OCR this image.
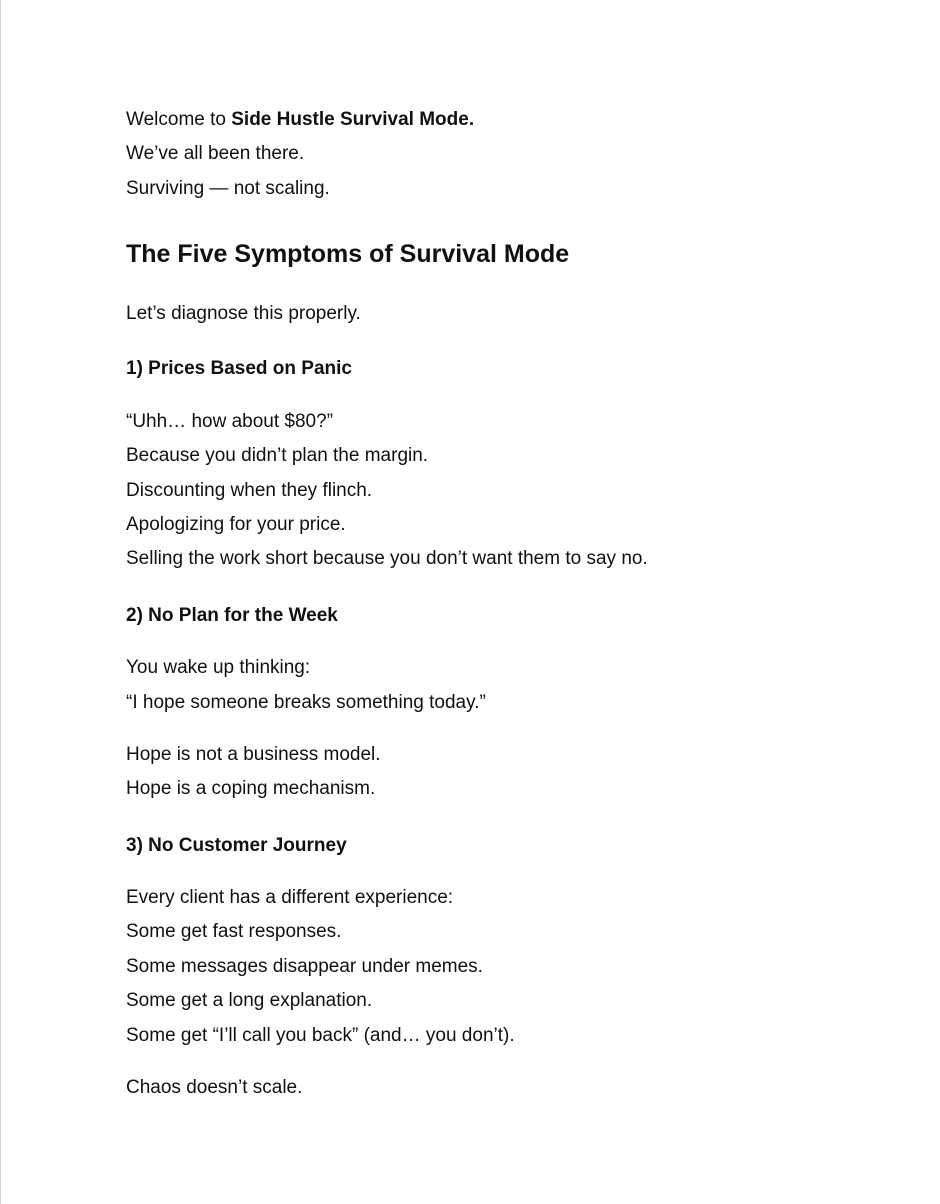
Welcome to Side Hustle Survival Mode.
We’ve all been there.
Surviving — not scaling.
The Five Symptoms of Survival Mode
Let’s diagnose this properly.
1) Prices Based on Panic
“Uhh… how about $80?”
Because you didn’t plan the margin.
Discounting when they flinch.
Apologizing for your price.
Selling the work short because you don’t want them to say no.
2) No Plan for the Week
You wake up thinking:
“I hope someone breaks something today.”
Hope is not a business model.
Hope is a coping mechanism.
3) No Customer Journey
Every client has a different experience:
Some get fast responses.
Some messages disappear under memes.
Some get a long explanation.
Some get “I’ll call you back” (and… you don’t).
Chaos doesn’t scale.
